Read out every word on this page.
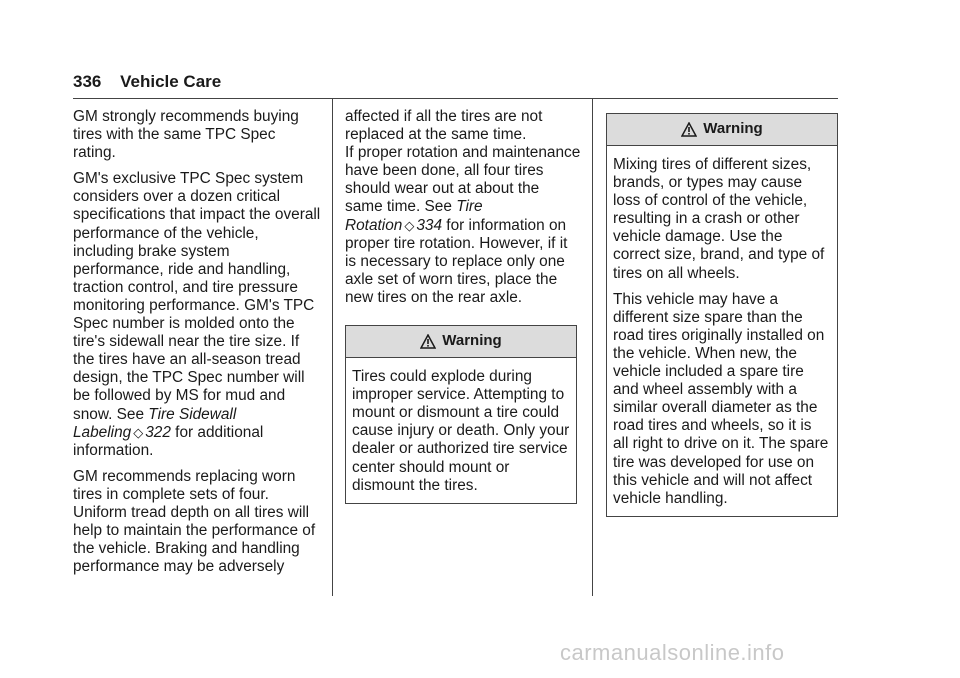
336 Vehicle Care

GM strongly recommends buying tires with the same TPC Spec rating.

GM's exclusive TPC Spec system considers over a dozen critical specifications that impact the overall performance of the vehicle, including brake system performance, ride and handling, traction control, and tire pressure monitoring performance. GM's TPC Spec number is molded onto the tire's sidewall near the tire size. If the tires have an all-season tread design, the TPC Spec number will be followed by MS for mud and snow. See Tire Sidewall Labeling ◇ 322 for additional information.

GM recommends replacing worn tires in complete sets of four. Uniform tread depth on all tires will help to maintain the performance of the vehicle. Braking and handling performance may be adversely

affected if all the tires are not replaced at the same time.

If proper rotation and maintenance have been done, all four tires should wear out at about the same time. See Tire Rotation ◇ 334 for information on proper tire rotation. However, if it is necessary to replace only one axle set of worn tires, place the new tires on the rear axle.

Warning

Tires could explode during improper service. Attempting to mount or dismount a tire could cause injury or death. Only your dealer or authorized tire service center should mount or dismount the tires.

Warning

Mixing tires of different sizes, brands, or types may cause loss of control of the vehicle, resulting in a crash or other vehicle damage. Use the correct size, brand, and type of tires on all wheels.

This vehicle may have a different size spare than the road tires originally installed on the vehicle. When new, the vehicle included a spare tire and wheel assembly with a similar overall diameter as the road tires and wheels, so it is all right to drive on it. The spare tire was developed for use on this vehicle and will not affect vehicle handling.

carmanualsonline.info
